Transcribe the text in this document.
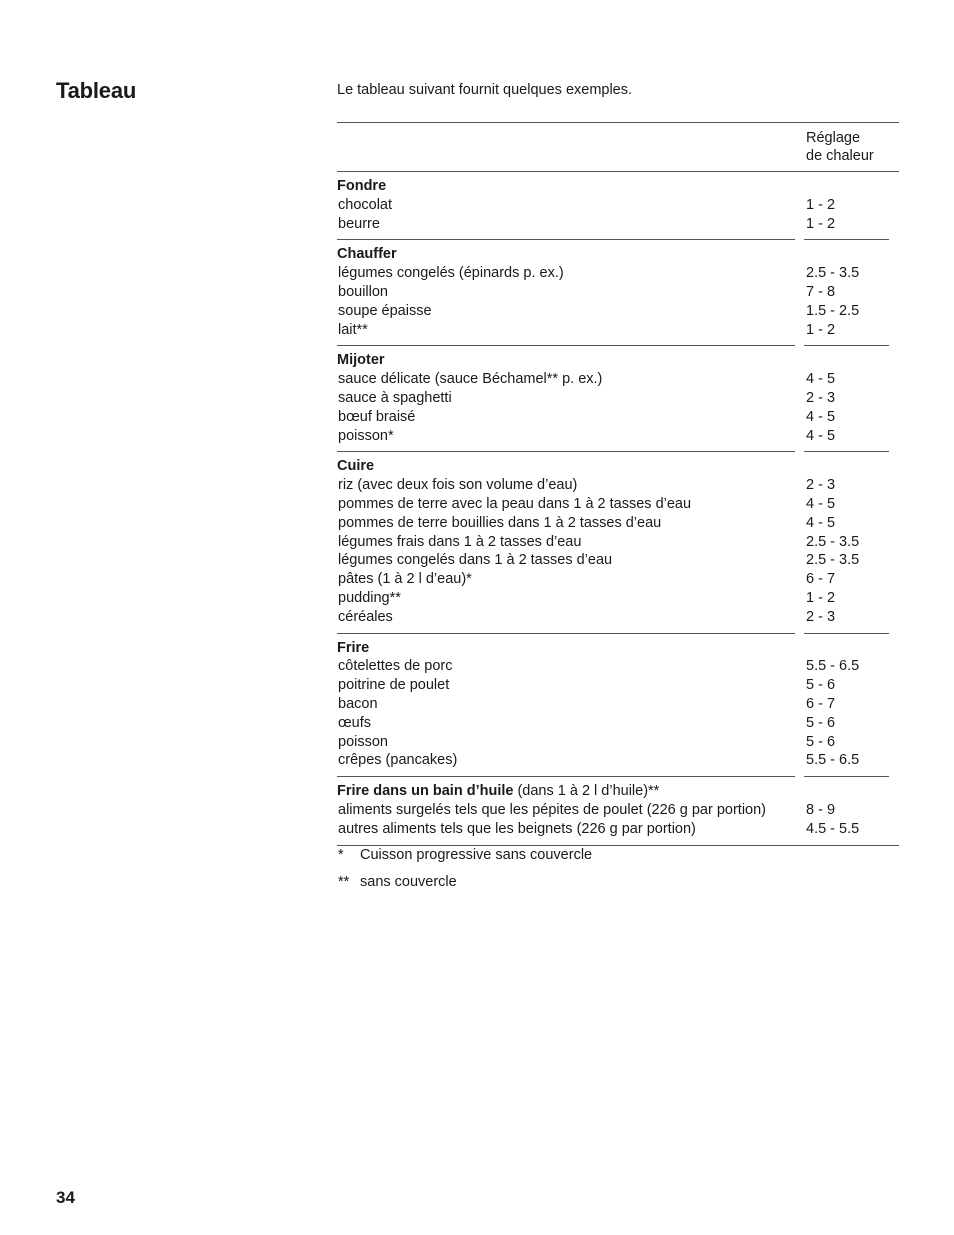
Tableau	Le tableau suivant fournit quelques exemples.

Réglage
de chaleur
Fondre
chocolat	1 - 2
beurre	1 - 2
Chauffer
légumes congelés (épinards p. ex.)	2.5 - 3.5
bouillon	7 - 8
soupe épaisse	1.5 - 2.5
lait**	1 - 2
Mijoter
sauce délicate (sauce Béchamel** p. ex.)	4 - 5
sauce à spaghetti	2 - 3
bœuf braisé	4 - 5
poisson*	4 - 5
Cuire
riz (avec deux fois son volume d’eau)	2 - 3
pommes de terre avec la peau dans 1 à 2 tasses d’eau	4 - 5
pommes de terre bouillies dans 1 à 2 tasses d’eau	4 - 5
légumes frais dans 1 à 2 tasses d’eau	2.5 - 3.5
légumes congelés dans 1 à 2 tasses d’eau	2.5 - 3.5
pâtes (1 à 2 l d’eau)*	6 - 7
pudding**	1 - 2
céréales	2 - 3
Frire
côtelettes de porc	5.5 - 6.5
poitrine de poulet	5 - 6
bacon	6 - 7
œufs	5 - 6
poisson	5 - 6
crêpes (pancakes)	5.5 - 6.5
Frire dans un bain d’huile (dans 1 à 2 l d’huile)**
aliments surgelés tels que les pépites de poulet (226 g par portion)	8 - 9
autres aliments tels que les beignets (226 g par portion)	4.5 - 5.5
* Cuisson progressive sans couvercle
** sans couvercle
34
